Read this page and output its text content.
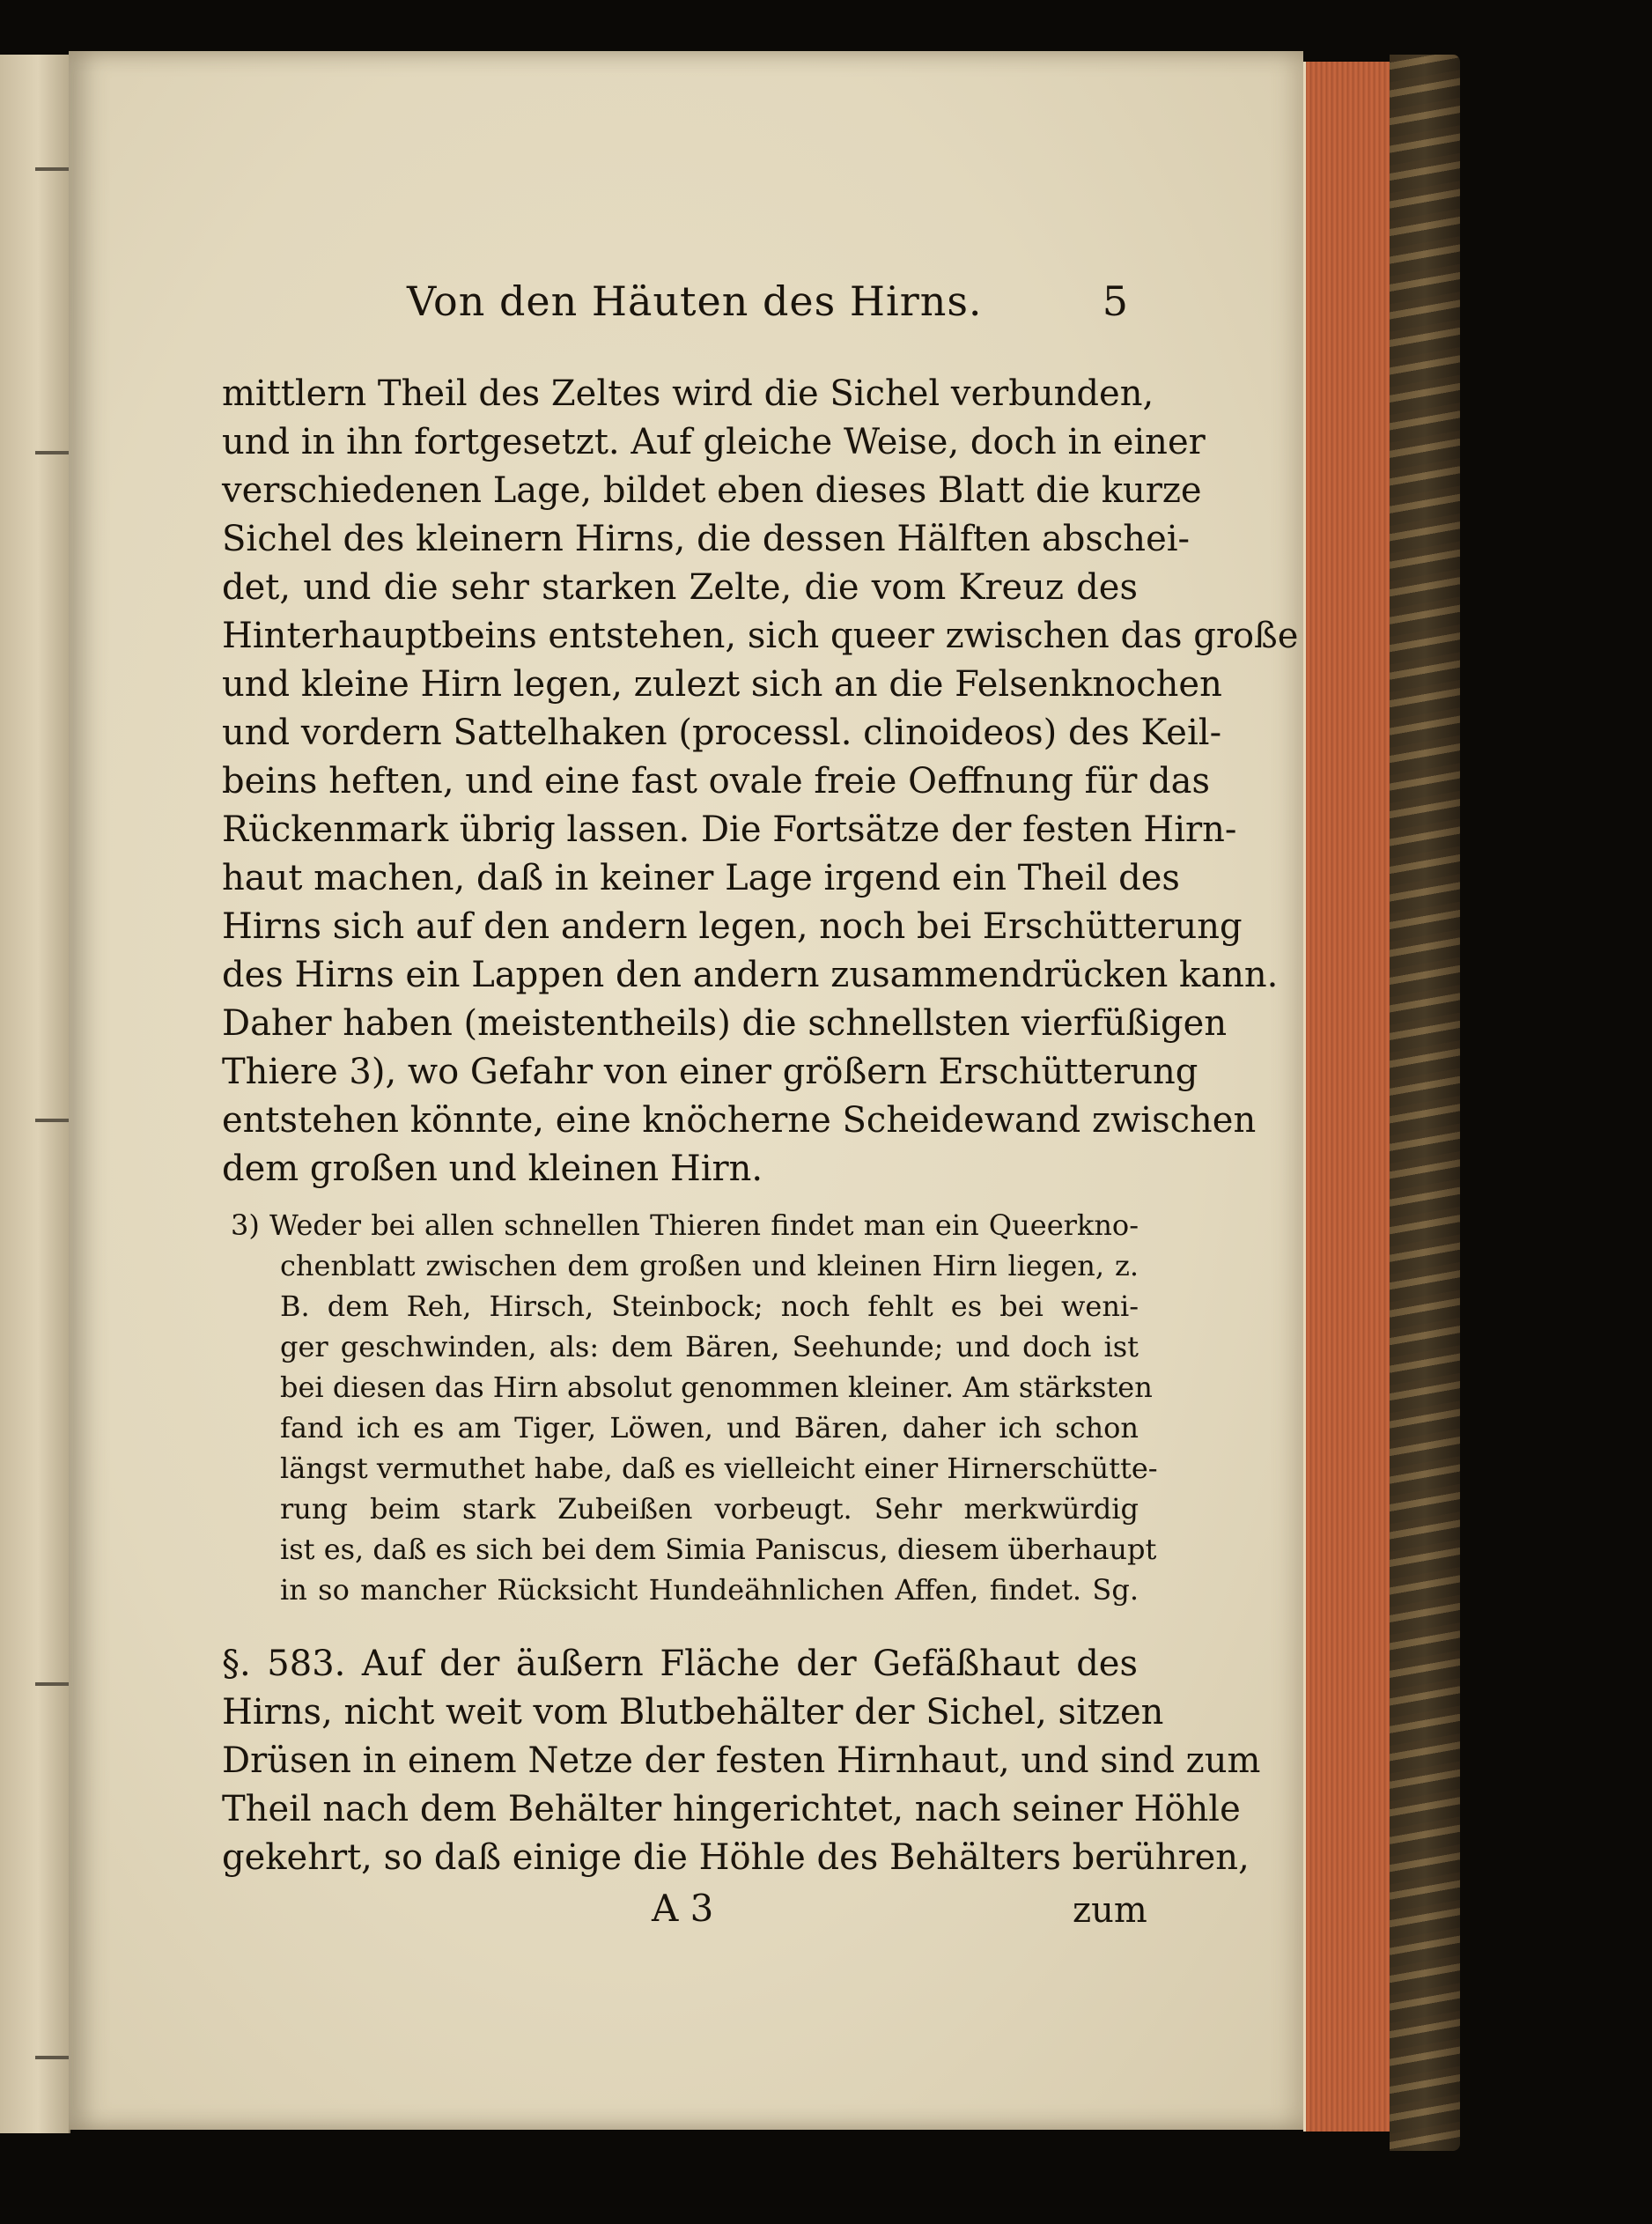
Von den Häuten des Hirns.	5
mittlern Theil des Zeltes wird die Sichel verbunden,
und in ihn fortgesetzt. Auf gleiche Weise, doch in einer
verschiedenen Lage, bildet eben dieses Blatt die kurze
Sichel des kleinern Hirns, die dessen Hälften abschei-
det, und die sehr starken Zelte, die vom Kreuz des
Hinterhauptbeins entstehen, sich queer zwischen das große
und kleine Hirn legen, zulezt sich an die Felsenknochen
und vordern Sattelhaken (processl. clinoideos) des Keil-
beins heften, und eine fast ovale freie Oeffnung für das
Rückenmark übrig lassen. Die Fortsätze der festen Hirn-
haut machen, daß in keiner Lage irgend ein Theil des
Hirns sich auf den andern legen, noch bei Erschütterung
des Hirns ein Lappen den andern zusammendrücken kann.
Daher haben (meistentheils) die schnellsten vierfüßigen
Thiere 3), wo Gefahr von einer größern Erschütterung
entstehen könnte, eine knöcherne Scheidewand zwischen
dem großen und kleinen Hirn.
3) Weder bei allen schnellen Thieren findet man ein Queerkno-
chenblatt zwischen dem großen und kleinen Hirn liegen, z.
B. dem Reh, Hirsch, Steinbock; noch fehlt es bei weni-
ger geschwinden, als: dem Bären, Seehunde; und doch ist
bei diesen das Hirn absolut genommen kleiner. Am stärksten
fand ich es am Tiger, Löwen, und Bären, daher ich schon
längst vermuthet habe, daß es vielleicht einer Hirnerschütte-
rung beim stark Zubeißen vorbeugt. Sehr merkwürdig
ist es, daß es sich bei dem Simia Paniscus, diesem überhaupt
in so mancher Rücksicht Hundeähnlichen Affen, findet. Sg.
§. 583. Auf der äußern Fläche der Gefäßhaut des
Hirns, nicht weit vom Blutbehälter der Sichel, sitzen
Drüsen in einem Netze der festen Hirnhaut, und sind zum
Theil nach dem Behälter hingerichtet, nach seiner Höhle
gekehrt, so daß einige die Höhle des Behälters berühren,
A 3	zum
